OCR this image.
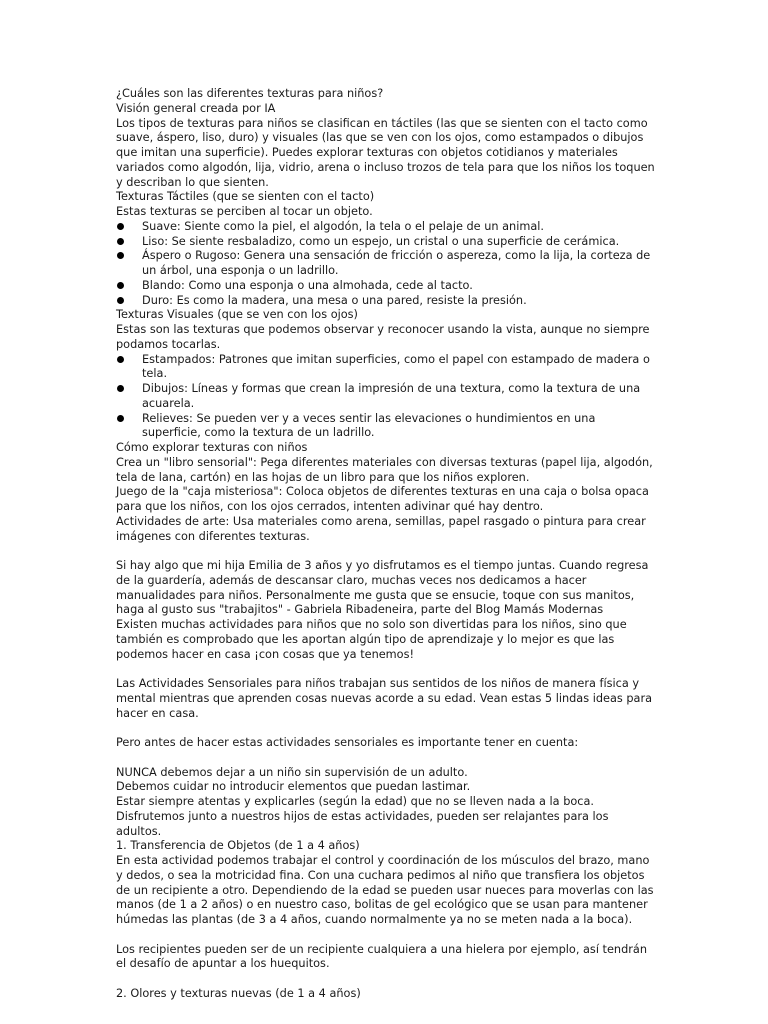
¿Cuáles son las diferentes texturas para niños?

Visión general creada por IA

Los tipos de texturas para niños se clasifican en táctiles (las que se sienten con el tacto como suave, áspero, liso, duro) y visuales (las que se ven con los ojos, como estampados o dibujos que imitan una superficie). Puedes explorar texturas con objetos cotidianos y materiales variados como algodón, lija, vidrio, arena o incluso trozos de tela para que los niños los toquen y describan lo que sienten.

Texturas Táctiles (que se sienten con el tacto)

Estas texturas se perciben al tocar un objeto.

Suave: Siente como la piel, el algodón, la tela o el pelaje de un animal.
Liso: Se siente resbaladizo, como un espejo, un cristal o una superficie de cerámica.
Áspero o Rugoso: Genera una sensación de fricción o aspereza, como la lija, la corteza de un árbol, una esponja o un ladrillo.
Blando: Como una esponja o una almohada, cede al tacto.
Duro: Es como la madera, una mesa o una pared, resiste la presión.

Texturas Visuales (que se ven con los ojos)

Estas son las texturas que podemos observar y reconocer usando la vista, aunque no siempre podamos tocarlas.

Estampados: Patrones que imitan superficies, como el papel con estampado de madera o tela.
Dibujos: Líneas y formas que crean la impresión de una textura, como la textura de una acuarela.
Relieves: Se pueden ver y a veces sentir las elevaciones o hundimientos en una superficie, como la textura de un ladrillo.

Cómo explorar texturas con niños

Crea un "libro sensorial": Pega diferentes materiales con diversas texturas (papel lija, algodón, tela de lana, cartón) en las hojas de un libro para que los niños exploren.

Juego de la "caja misteriosa": Coloca objetos de diferentes texturas en una caja o bolsa opaca para que los niños, con los ojos cerrados, intenten adivinar qué hay dentro.

Actividades de arte: Usa materiales como arena, semillas, papel rasgado o pintura para crear imágenes con diferentes texturas.

Si hay algo que mi hija Emilia de 3 años y yo disfrutamos es el tiempo juntas. Cuando regresa de la guardería, además de descansar claro, muchas veces nos dedicamos a hacer manualidades para niños. Personalmente me gusta que se ensucie, toque con sus manitos, haga al gusto sus "trabajitos" - Gabriela Ribadeneira, parte del Blog Mamás Modernas

Existen muchas actividades para niños que no solo son divertidas para los niños, sino que también es comprobado que les aportan algún tipo de aprendizaje y lo mejor es que las podemos hacer en casa ¡con cosas que ya tenemos!

Las Actividades Sensoriales para niños trabajan sus sentidos de los niños de manera física y mental mientras que aprenden cosas nuevas acorde a su edad. Vean estas 5 lindas ideas para hacer en casa.

Pero antes de hacer estas actividades sensoriales es importante tener en cuenta:

NUNCA debemos dejar a un niño sin supervisión de un adulto.

Debemos cuidar no introducir elementos que puedan lastimar.

Estar siempre atentas y explicarles (según la edad) que no se lleven nada a la boca.

Disfrutemos junto a nuestros hijos de estas actividades, pueden ser relajantes para los adultos.

1. Transferencia de Objetos (de 1 a 4 años)

En esta actividad podemos trabajar el control y coordinación de los músculos del brazo, mano y dedos, o sea la motricidad fina. Con una cuchara pedimos al niño que transfiera los objetos de un recipiente a otro. Dependiendo de la edad se pueden usar nueces para moverlas con las manos (de 1 a 2 años) o en nuestro caso, bolitas de gel ecológico que se usan para mantener húmedas las plantas (de 3 a 4 años, cuando normalmente ya no se meten nada a la boca).

Los recipientes pueden ser de un recipiente cualquiera a una hielera por ejemplo, así tendrán el desafío de apuntar a los huequitos.

2. Olores y texturas nuevas (de 1 a 4 años)
